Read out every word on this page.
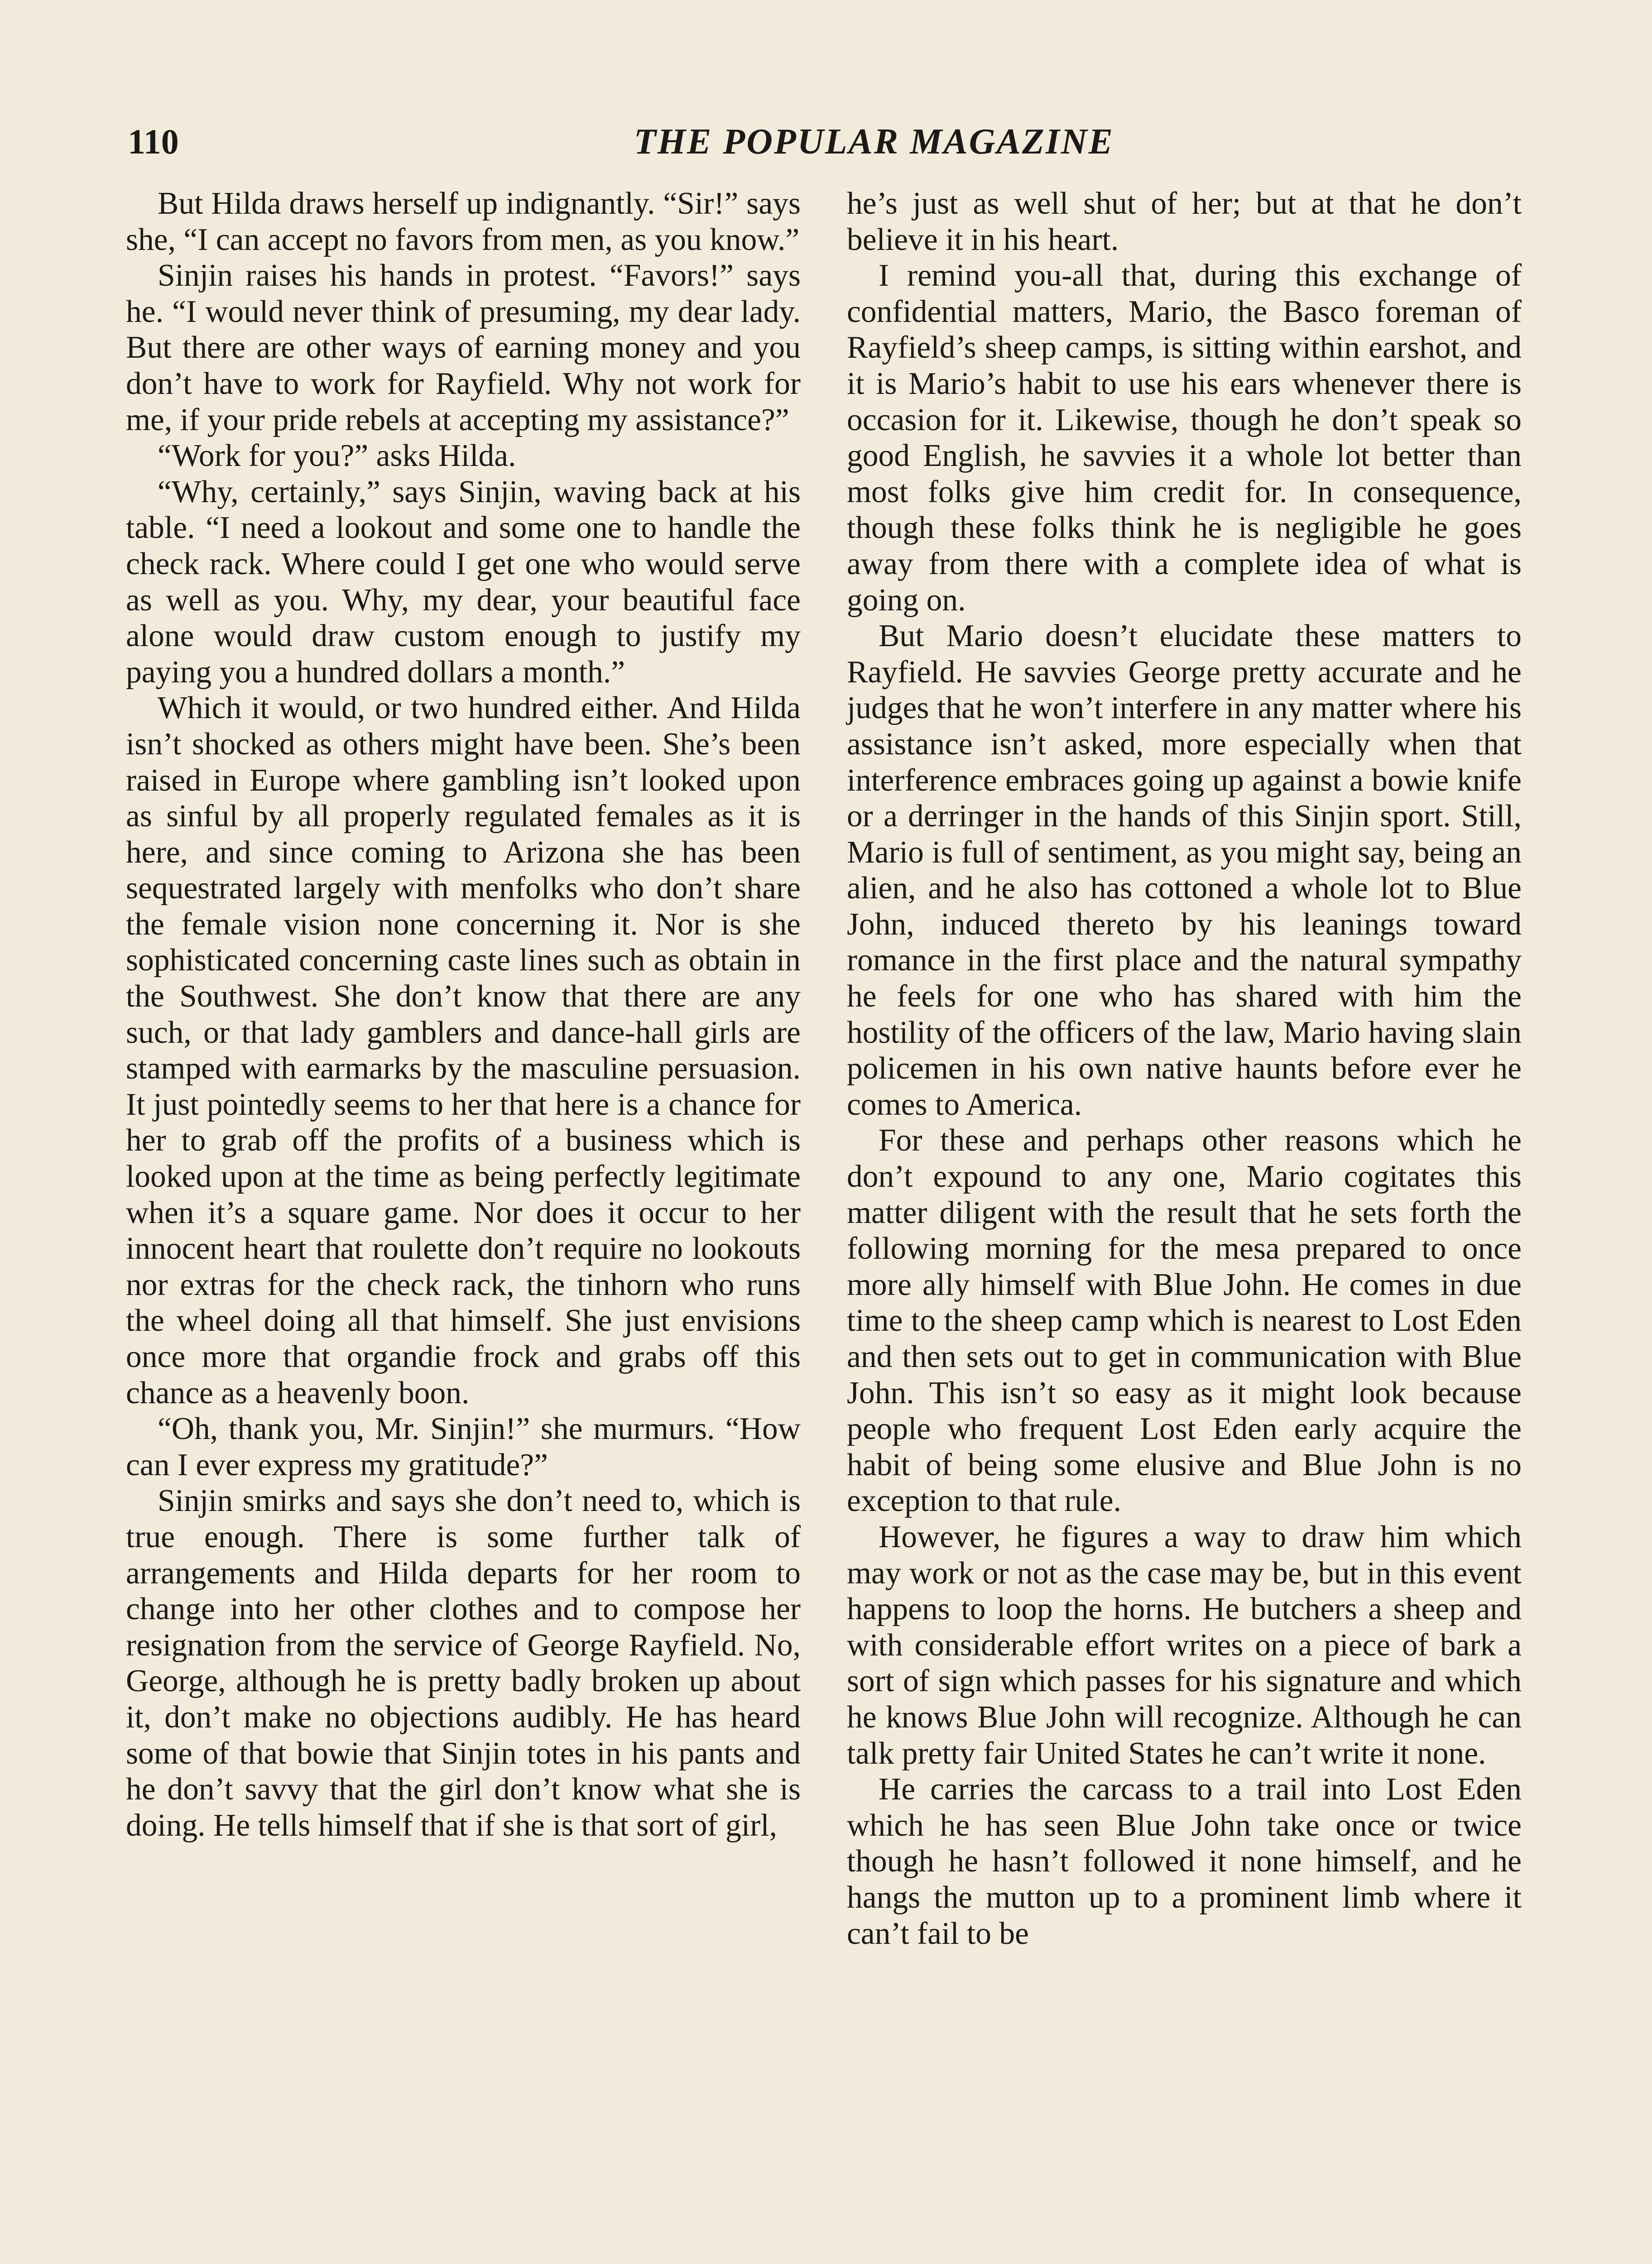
110	THE POPULAR MAGAZINE

But Hilda draws herself up indignantly. “Sir!” says she, “I can accept no favors from men, as you know.”

Sinjin raises his hands in protest. “Favors!” says he. “I would never think of presuming, my dear lady. But there are other ways of earning money and you don’t have to work for Rayfield. Why not work for me, if your pride rebels at accepting my assistance?”

“Work for you?” asks Hilda.

“Why, certainly,” says Sinjin, waving back at his table. “I need a lookout and some one to handle the check rack. Where could I get one who would serve as well as you. Why, my dear, your beautiful face alone would draw custom enough to justify my paying you a hundred dollars a month.”

Which it would, or two hundred either. And Hilda isn’t shocked as others might have been. She’s been raised in Europe where gambling isn’t looked upon as sinful by all properly regulated females as it is here, and since coming to Arizona she has been sequestrated largely with menfolks who don’t share the female vision none concerning it. Nor is she sophisticated concerning caste lines such as obtain in the Southwest. She don’t know that there are any such, or that lady gamblers and dance-hall girls are stamped with earmarks by the masculine persuasion. It just pointedly seems to her that here is a chance for her to grab off the profits of a business which is looked upon at the time as being perfectly legitimate when it’s a square game. Nor does it occur to her innocent heart that roulette don’t require no lookouts nor extras for the check rack, the tinhorn who runs the wheel doing all that himself. She just envisions once more that organdie frock and grabs off this chance as a heavenly boon.

“Oh, thank you, Mr. Sinjin!” she murmurs. “How can I ever express my gratitude?”

Sinjin smirks and says she don’t need to, which is true enough. There is some further talk of arrangements and Hilda departs for her room to change into her other clothes and to compose her resignation from the service of George Rayfield. No, George, although he is pretty badly broken up about it, don’t make no objections audibly. He has heard some of that bowie that Sinjin totes in his pants and he don’t savvy that the girl don’t know what she is doing. He tells himself that if she is that sort of girl,

he’s just as well shut of her; but at that he don’t believe it in his heart.

I remind you-all that, during this exchange of confidential matters, Mario, the Basco foreman of Rayfield’s sheep camps, is sitting within earshot, and it is Mario’s habit to use his ears whenever there is occasion for it. Likewise, though he don’t speak so good English, he savvies it a whole lot better than most folks give him credit for. In consequence, though these folks think he is negligible he goes away from there with a complete idea of what is going on.

But Mario doesn’t elucidate these matters to Rayfield. He savvies George pretty accurate and he judges that he won’t interfere in any matter where his assistance isn’t asked, more especially when that interference embraces going up against a bowie knife or a derringer in the hands of this Sinjin sport. Still, Mario is full of sentiment, as you might say, being an alien, and he also has cottoned a whole lot to Blue John, induced thereto by his leanings toward romance in the first place and the natural sympathy he feels for one who has shared with him the hostility of the officers of the law, Mario having slain policemen in his own native haunts before ever he comes to America.

For these and perhaps other reasons which he don’t expound to any one, Mario cogitates this matter diligent with the result that he sets forth the following morning for the mesa prepared to once more ally himself with Blue John. He comes in due time to the sheep camp which is nearest to Lost Eden and then sets out to get in communication with Blue John. This isn’t so easy as it might look because people who frequent Lost Eden early acquire the habit of being some elusive and Blue John is no exception to that rule.

However, he figures a way to draw him which may work or not as the case may be, but in this event happens to loop the horns. He butchers a sheep and with considerable effort writes on a piece of bark a sort of sign which passes for his signature and which he knows Blue John will recognize. Although he can talk pretty fair United States he can’t write it none.

He carries the carcass to a trail into Lost Eden which he has seen Blue John take once or twice though he hasn’t followed it none himself, and he hangs the mutton up to a prominent limb where it can’t fail to be
